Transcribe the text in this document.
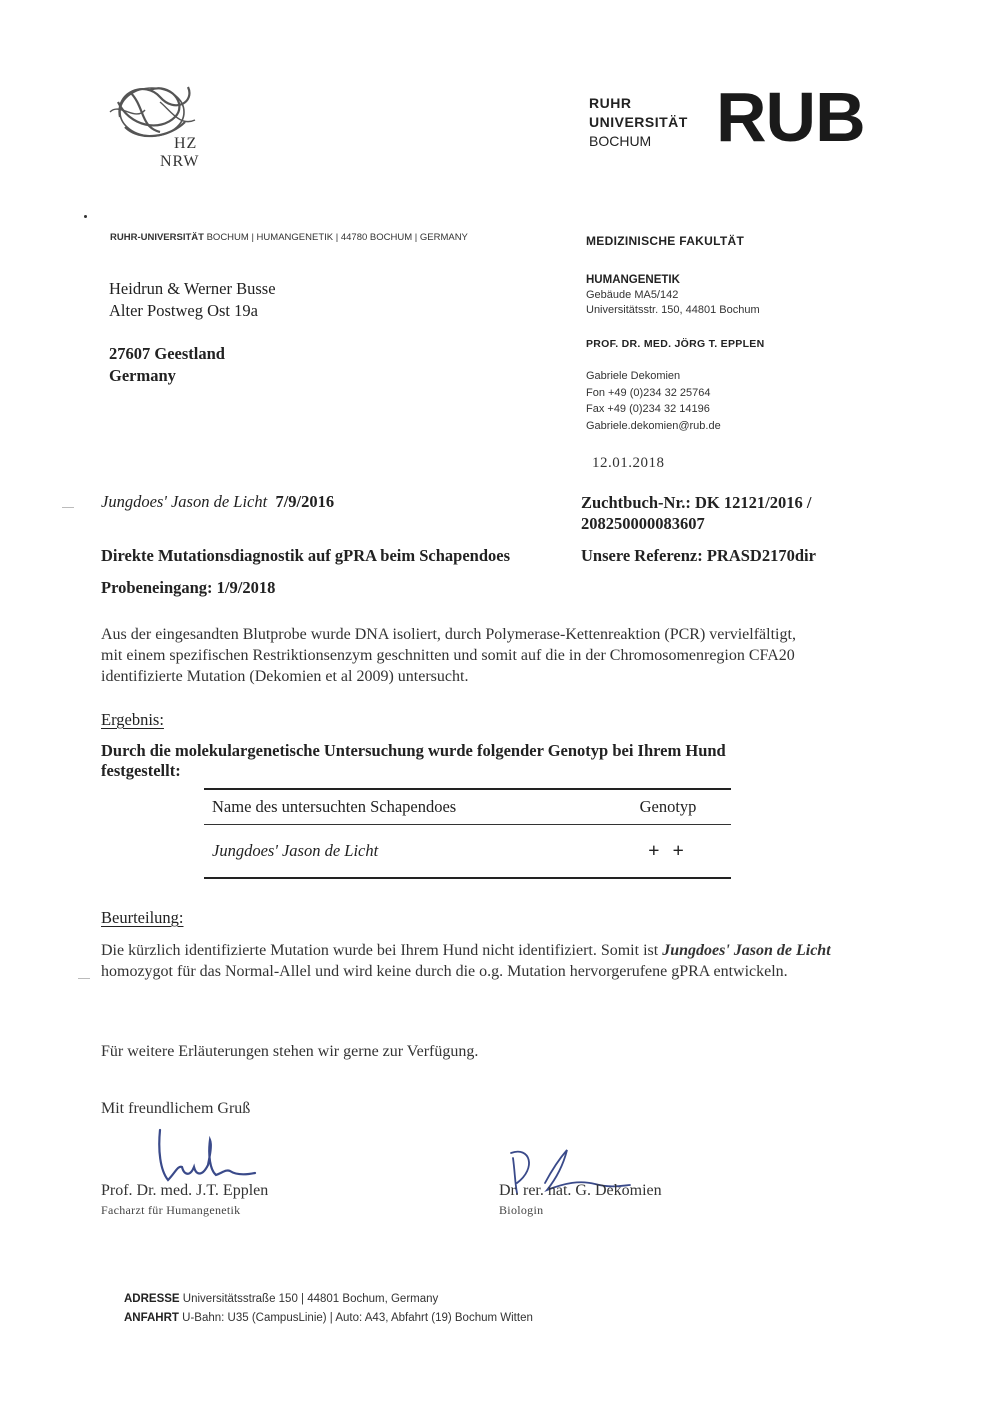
HZ
NRW
RUHR
UNIVERSITÄT
BOCHUM RUB
RUHR-UNIVERSITÄT BOCHUM | HUMANGENETIK | 44780 BOCHUM | GERMANY	MEDIZINISCHE FAKULTÄT
HUMANGENETIK
Gebäude MA5/142
Universitätsstr. 150, 44801 Bochum
PROF. DR. MED. JÖRG T. EPPLEN
Gabriele Dekomien
Fon +49 (0)234 32 25764
Fax +49 (0)234 32 14196
Gabriele.dekomien@rub.de
12.01.2018
Heidrun & Werner Busse
Alter Postweg Ost 19a
27607 Geestland
Germany
Jungdoes' Jason de Licht 7/9/2016	Zuchtbuch-Nr.: DK 12121/2016 /
208250000083607
Direkte Mutationsdiagnostik auf gPRA beim Schapendoes	Unsere Referenz: PRASD2170dir
Probeneingang: 1/9/2018
Aus der eingesandten Blutprobe wurde DNA isoliert, durch Polymerase-Kettenreaktion (PCR) vervielfältigt, mit einem spezifischen Restriktionsenzym geschnitten und somit auf die in der Chromosomenregion CFA20 identifizierte Mutation (Dekomien et al 2009) untersucht.
Ergebnis:
Durch die molekulargenetische Untersuchung wurde folgender Genotyp bei Ihrem Hund festgestellt:
Name des untersuchten Schapendoes	Genotyp
Jungdoes' Jason de Licht	+ +
Beurteilung:
Die kürzlich identifizierte Mutation wurde bei Ihrem Hund nicht identifiziert. Somit ist Jungdoes' Jason de Licht homozygot für das Normal-Allel und wird keine durch die o.g. Mutation hervorgerufene gPRA entwickeln.
Für weitere Erläuterungen stehen wir gerne zur Verfügung.
Mit freundlichem Gruß
Prof. Dr. med. J.T. Epplen
Facharzt für Humangenetik
Dr. rer. nat. G. Dekomien
Biologin
ADRESSE Universitätsstraße 150 | 44801 Bochum, Germany
ANFAHRT U-Bahn: U35 (CampusLinie) | Auto: A43, Abfahrt (19) Bochum Witten
